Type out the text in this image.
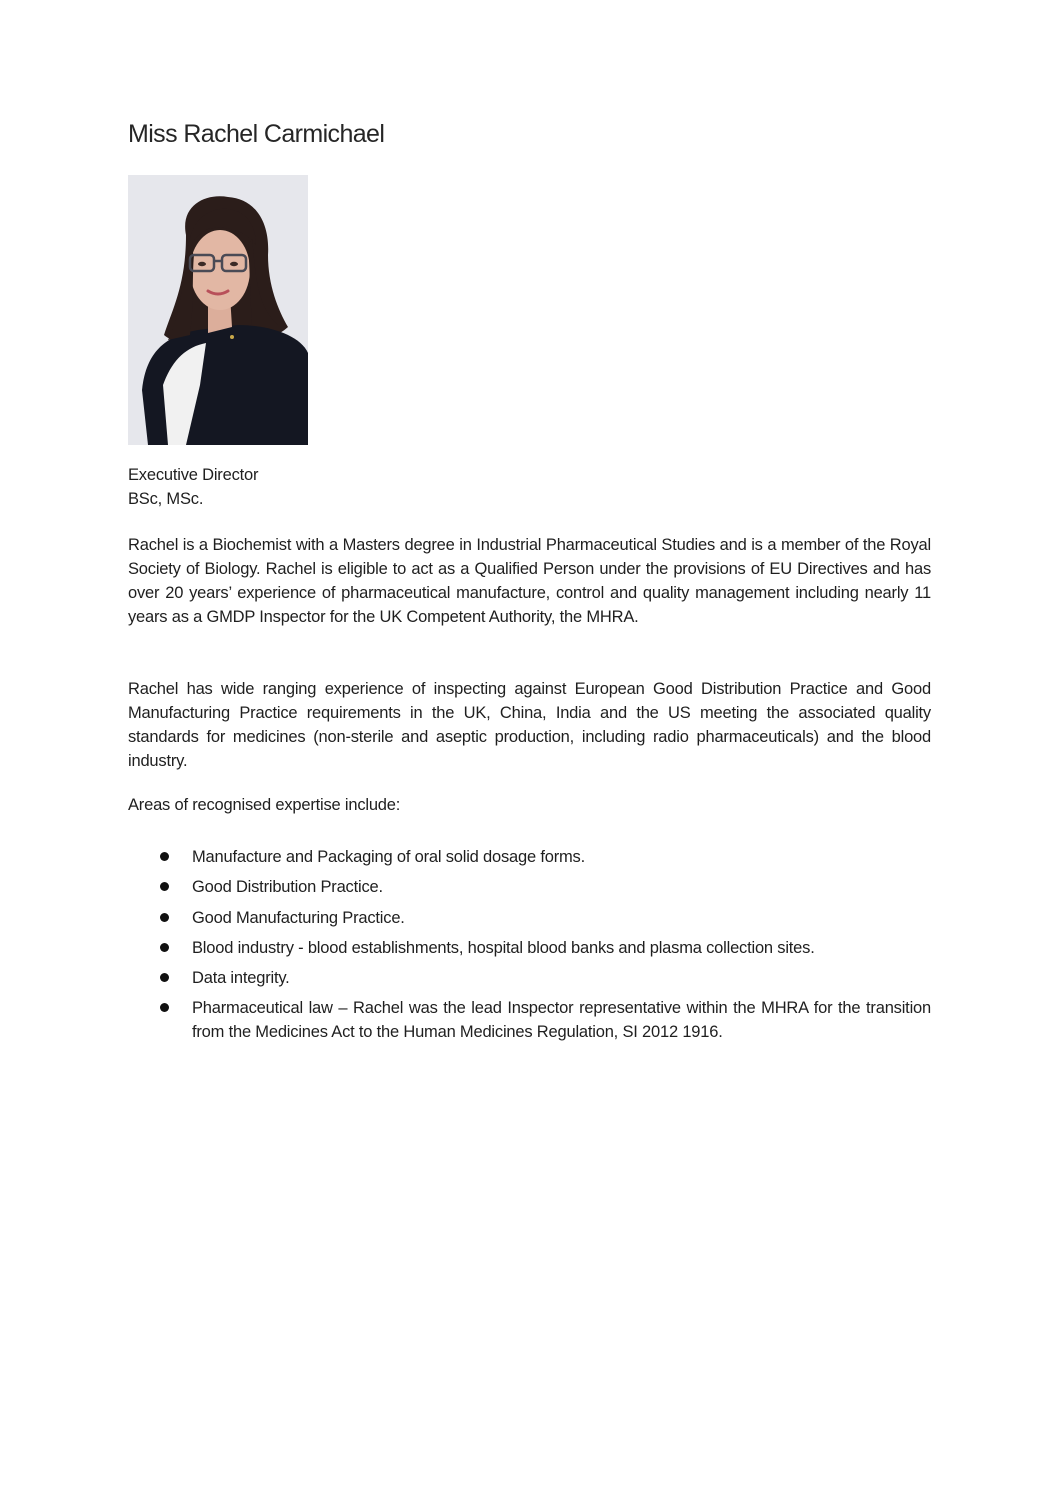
Miss Rachel Carmichael
Executive Director
BSc, MSc.

Rachel is a Biochemist with a Masters degree in Industrial Pharmaceutical Studies and is a member of the Royal Society of Biology. Rachel is eligible to act as a Qualified Person under the provisions of EU Directives and has over 20 years’ experience of pharmaceutical manufacture, control and quality management including nearly 11 years as a GMDP Inspector for the UK Competent Authority, the MHRA.

Rachel has wide ranging experience of inspecting against European Good Distribution Practice and Good Manufacturing Practice requirements in the UK, China, India and the US meeting the associated quality standards for medicines (non-sterile and aseptic production, including radio pharmaceuticals) and the blood industry.

Areas of recognised expertise include:

Manufacture and Packaging of oral solid dosage forms.
Good Distribution Practice.
Good Manufacturing Practice.
Blood industry - blood establishments, hospital blood banks and plasma collection sites.
Data integrity.
Pharmaceutical law – Rachel was the lead Inspector representative within the MHRA for the transition from the Medicines Act to the Human Medicines Regulation, SI 2012 1916.
